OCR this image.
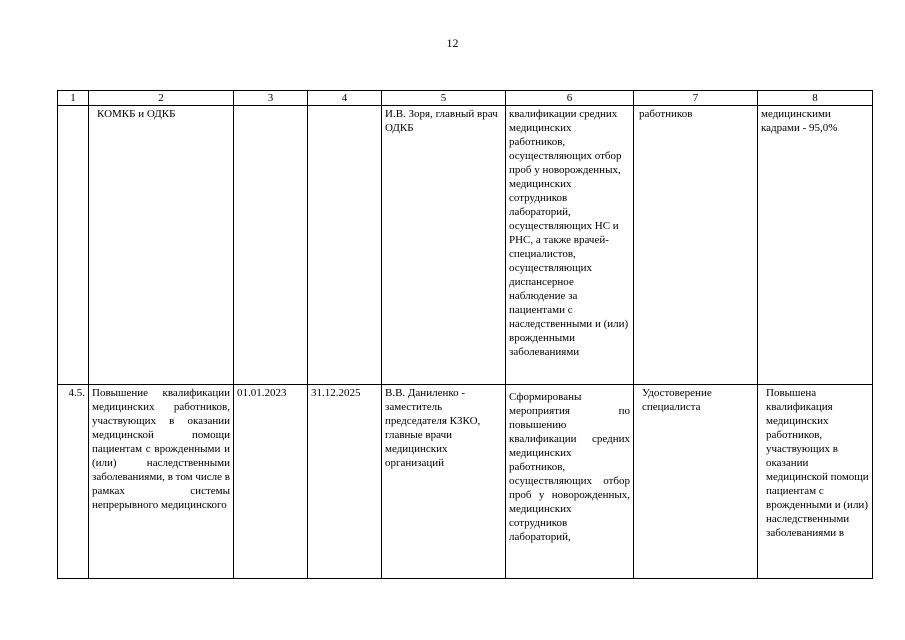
12
1	2	3	4	5	6	7	8
	КОМКБ и ОДКБ			И.В. Зоря, главный врач ОДКБ	квалификации средних медицинских работников, осуществляющих отбор проб у новорожденных, медицинских сотрудников лабораторий, осуществляющих НС и РНС, а также врачей-специалистов, осуществляющих диспансерное наблюдение за пациентами с наследственными и (или) врожденными заболеваниями	работников	медицинскими кадрами - 95,0%
4.5.	Повышение квалификации медицинских работников, участвующих в оказании медицинской помощи пациентам с врожденными и (или) наследственными заболеваниями, в том числе в рамках системы непрерывного медицинского	01.01.2023	31.12.2025	В.В. Даниленко - заместитель председателя КЗКО, главные врачи медицинских организаций	Сформированы мероприятия по повышению квалификации средних медицинских работников, осуществляющих отбор проб у новорожденных, медицинских сотрудников лабораторий,	Удостоверение специалиста	Повышена квалификация медицинских работников, участвующих в оказании медицинской помощи пациентам с врожденными и (или) наследственными заболеваниями в
